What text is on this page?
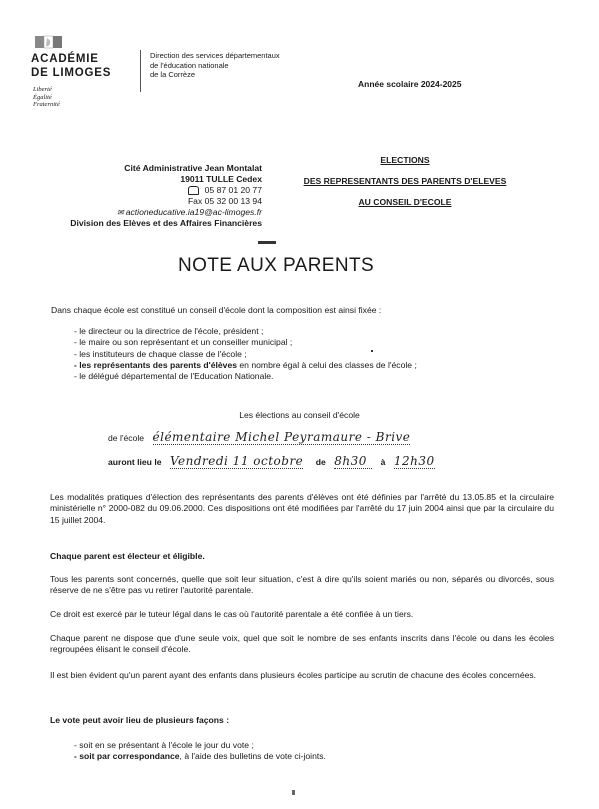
ACADÉMIE
DE LIMOGES
Liberté
Égalité
Fraternité
Direction des services départementaux
de l'éducation nationale
de la Corrèze
Année scolaire 2024-2025
Cité Administrative Jean Montalat
19011 TULLE Cedex
05 87 01 20 77
Fax 05 32 00 13 94
✉ actioneducative.ia19@ac-limoges.fr
Division des Elèves et des Affaires Financières
ELECTIONS
DES REPRESENTANTS DES PARENTS D'ELEVES
AU CONSEIL D'ECOLE
NOTE AUX PARENTS
Dans chaque école est constitué un conseil d'école dont la composition est ainsi fixée :
- le directeur ou la directrice de l'école, président ;
- le maire ou son représentant et un conseiller municipal ;
- les instituteurs de chaque classe de l'école ;
- les représentants des parents d'élèves en nombre égal à celui des classes de l'école ;
- le délégué départemental de l'Education Nationale.
Les élections au conseil d'école
de l'école élémentaire Michel Peyramaure - Brive
auront lieu le Vendredi 11 octobre de 8h30 à 12h30
Les modalités pratiques d'élection des représentants des parents d'élèves ont été définies par l'arrêté du 13.05.85 et la circulaire ministérielle n° 2000-082 du 09.06.2000. Ces dispositions ont été modifiées par l'arrêté du 17 juin 2004 ainsi que par la circulaire du 15 juillet 2004.
Chaque parent est électeur et éligible.
Tous les parents sont concernés, quelle que soit leur situation, c'est à dire qu'ils soient mariés ou non, séparés ou divorcés, sous réserve de ne s'être pas vu retirer l'autorité parentale.
Ce droit est exercé par le tuteur légal dans le cas où l'autorité parentale a été confiée à un tiers.
Chaque parent ne dispose que d'une seule voix, quel que soit le nombre de ses enfants inscrits dans l'école ou dans les écoles regroupées élisant le conseil d'école.
Il est bien évident qu'un parent ayant des enfants dans plusieurs écoles participe au scrutin de chacune des écoles concernées.
Le vote peut avoir lieu de plusieurs façons :
- soit en se présentant à l'école le jour du vote ;
- soit par correspondance, à l'aide des bulletins de vote ci-joints.
